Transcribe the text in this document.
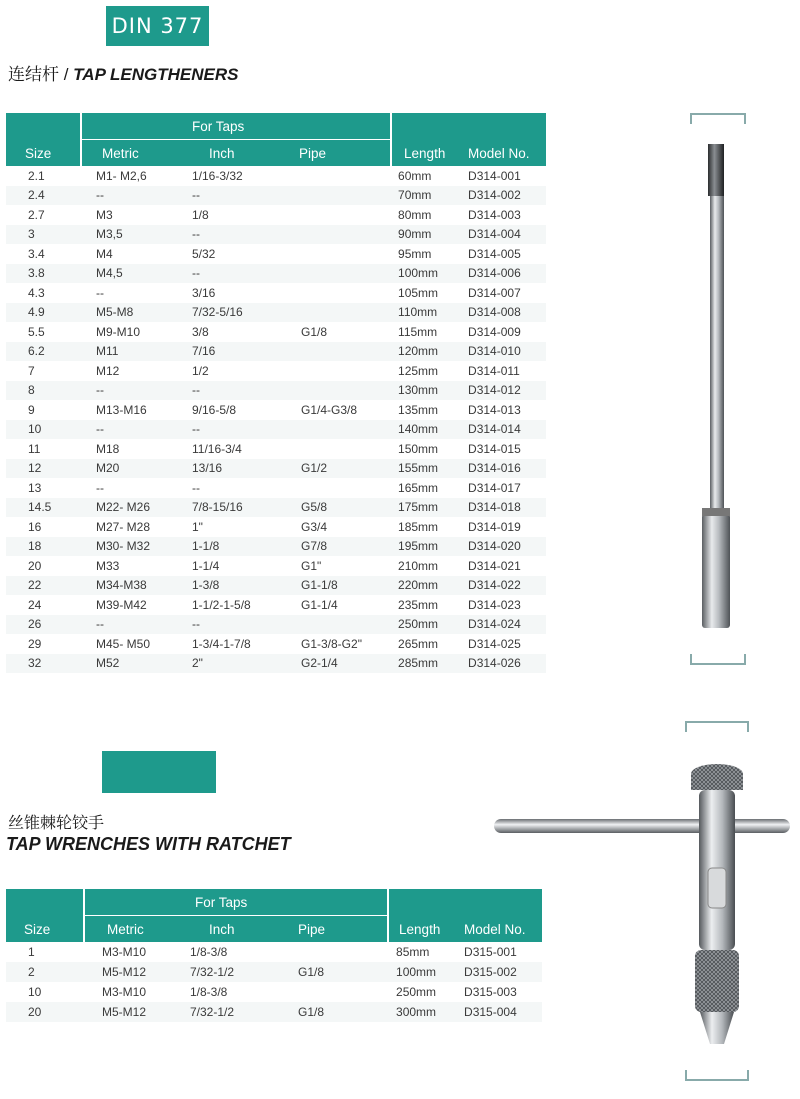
DIN 377
连结杆 / TAP LENGTHENERS
Size	For Taps			Length	Model No.
	Metric	Inch	Pipe		
2.1	M1- M2,6	1/16-3/32		60mm	D314-001
2.4	--	--		70mm	D314-002
2.7	M3	1/8		80mm	D314-003
3	M3,5	--		90mm	D314-004
3.4	M4	5/32		95mm	D314-005
3.8	M4,5	--		100mm	D314-006
4.3	--	3/16		105mm	D314-007
4.9	M5-M8	7/32-5/16		110mm	D314-008
5.5	M9-M10	3/8	G1/8	115mm	D314-009
6.2	M11	7/16		120mm	D314-010
7	M12	1/2		125mm	D314-011
8	--	--		130mm	D314-012
9	M13-M16	9/16-5/8	G1/4-G3/8	135mm	D314-013
10	--	--		140mm	D314-014
11	M18	11/16-3/4		150mm	D314-015
12	M20	13/16	G1/2	155mm	D314-016
13	--	--		165mm	D314-017
14.5	M22- M26	7/8-15/16	G5/8	175mm	D314-018
16	M27- M28	1"	G3/4	185mm	D314-019
18	M30- M32	1-1/8	G7/8	195mm	D314-020
20	M33	1-1/4	G1"	210mm	D314-021
22	M34-M38	1-3/8	G1-1/8	220mm	D314-022
24	M39-M42	1-1/2-1-5/8	G1-1/4	235mm	D314-023
26	--	--		250mm	D314-024
29	M45- M50	1-3/4-1-7/8	G1-3/8-G2"	265mm	D314-025
32	M52	2"	G2-1/4	285mm	D314-026
丝锥棘轮铰手
TAP WRENCHES WITH RATCHET
Size	For Taps			Length	Model No.
	Metric	Inch	Pipe		
1	M3-M10	1/8-3/8		85mm	D315-001
2	M5-M12	7/32-1/2	G1/8	100mm	D315-002
10	M3-M10	1/8-3/8		250mm	D315-003
20	M5-M12	7/32-1/2	G1/8	300mm	D315-004
